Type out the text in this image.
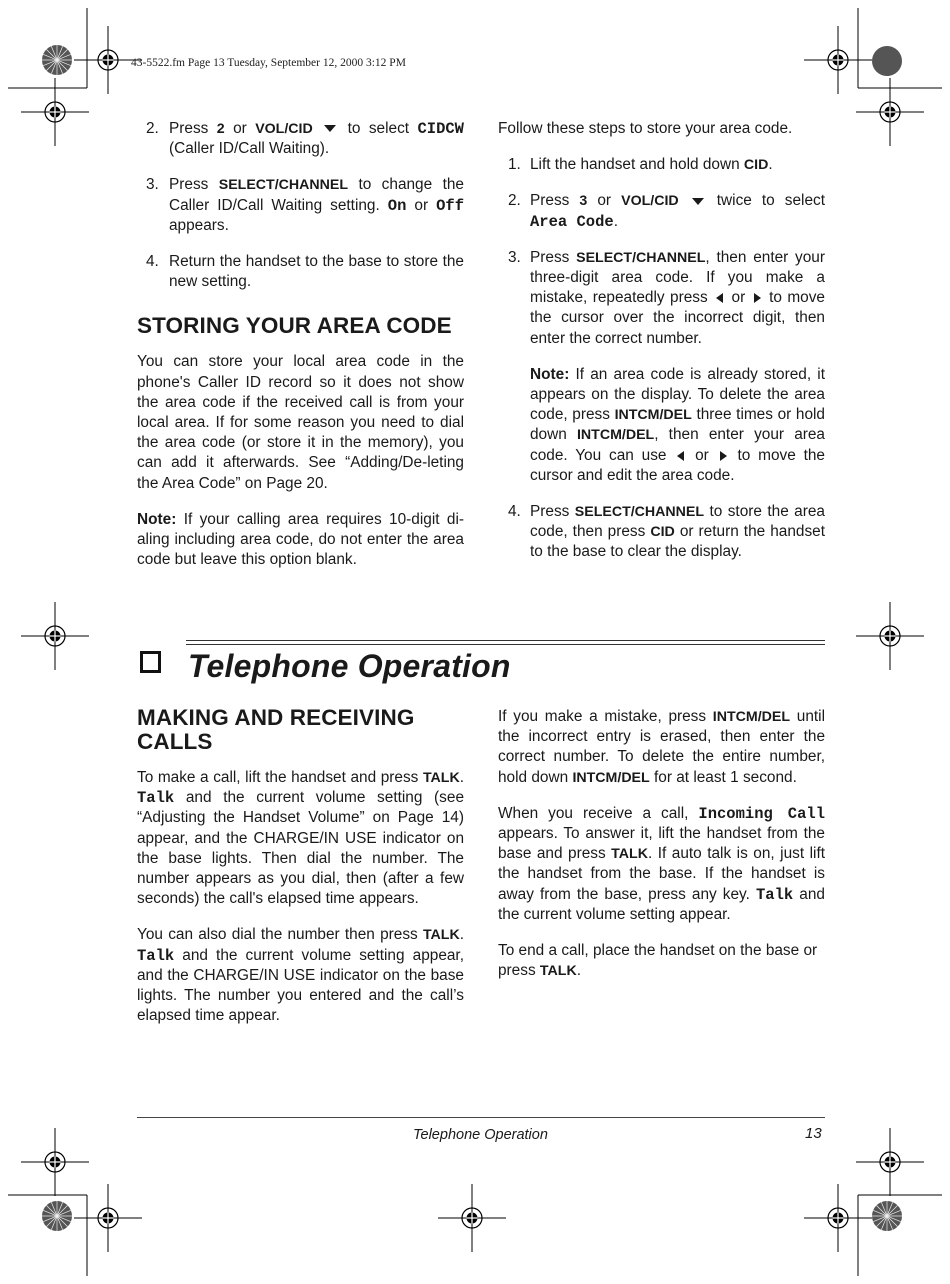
43-5522.fm Page 13 Tuesday, September 12, 2000 3:12 PM
2. Press 2 or VOL/CID  to select CIDCW (Caller ID/Call Waiting).
3. Press SELECT/CHANNEL to change the Caller ID/Call Waiting setting. On or Off appears.
4. Return the handset to the base to store the new setting.
STORING YOUR AREA CODE

You can store your local area code in the phone's Caller ID record so it does not show the area code if the received call is from your local area. If for some reason you need to dial the area code (or store it in the memory), you can add it afterwards. See “Adding/De-leting the Area Code” on Page 20.

Note: If your calling area requires 10-digit di-aling including area code, do not enter the area code but leave this option blank.

Follow these steps to store your area code.

1. Lift the handset and hold down CID.
2. Press 3 or VOL/CID  twice to select Area Code.
3. Press SELECT/CHANNEL, then enter your three-digit area code. If you make a mistake, repeatedly press  or  to move the cursor over the incorrect digit, then enter the correct number.
Note: If an area code is already stored, it appears on the display. To delete the area code, press INTCM/DEL three times or hold down INTCM/DEL, then enter your area code. You can use  or  to move the cursor and edit the area code.
4. Press SELECT/CHANNEL to store the area code, then press CID or return the handset to the base to clear the display.
Telephone Operation
MAKING AND RECEIVING CALLS

To make a call, lift the handset and press TALK. Talk and the current volume setting (see “Adjusting the Handset Volume” on Page 14) appear, and the CHARGE/IN USE indicator on the base lights. Then dial the number. The number appears as you dial, then (after a few seconds) the call's elapsed time appears.

You can also dial the number then press TALK. Talk and the current volume setting appear, and the CHARGE/IN USE indicator on the base lights. The number you entered and the call’s elapsed time appear.

If you make a mistake, press INTCM/DEL until the incorrect entry is erased, then enter the correct number. To delete the entire number, hold down INTCM/DEL for at least 1 second.

When you receive a call, Incoming Call appears. To answer it, lift the handset from the base and press TALK. If auto talk is on, just lift the handset from the base. If the handset is away from the base, press any key. Talk and the current volume setting appear.

To end a call, place the handset on the base or press TALK.

Telephone Operation	13
